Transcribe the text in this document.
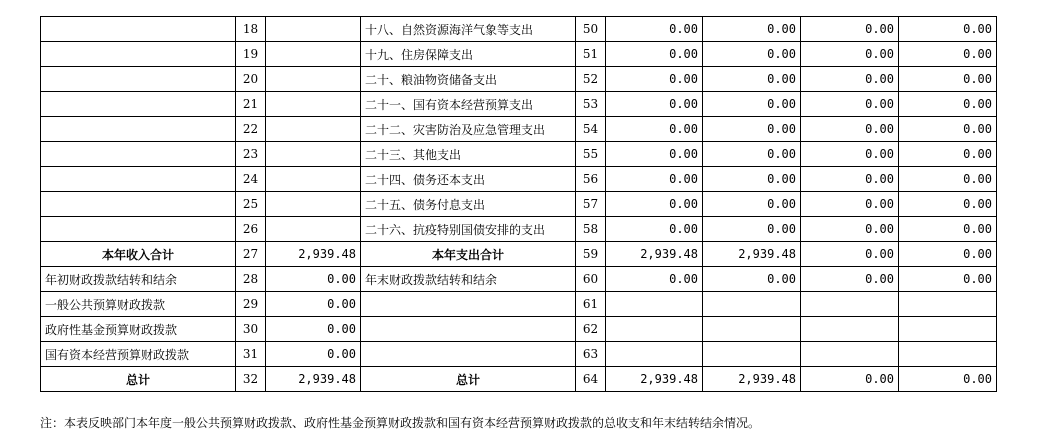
	18		十八、自然资源海洋气象等支出	50	0.00	0.00	0.00	0.00
	19		十九、住房保障支出	51	0.00	0.00	0.00	0.00
	20		二十、粮油物资储备支出	52	0.00	0.00	0.00	0.00
	21		二十一、国有资本经营预算支出	53	0.00	0.00	0.00	0.00
	22		二十二、灾害防治及应急管理支出	54	0.00	0.00	0.00	0.00
	23		二十三、其他支出	55	0.00	0.00	0.00	0.00
	24		二十四、债务还本支出	56	0.00	0.00	0.00	0.00
	25		二十五、债务付息支出	57	0.00	0.00	0.00	0.00
	26		二十六、抗疫特别国债安排的支出	58	0.00	0.00	0.00	0.00
本年收入合计	27	2,939.48	本年支出合计	59	2,939.48	2,939.48	0.00	0.00
年初财政拨款结转和结余	28	0.00	年末财政拨款结转和结余	60	0.00	0.00	0.00	0.00
一般公共预算财政拨款	29	0.00		61				
政府性基金预算财政拨款	30	0.00		62				
国有资本经营预算财政拨款	31	0.00		63				
总计	32	2,939.48	总计	64	2,939.48	2,939.48	0.00	0.00
注：本表反映部门本年度一般公共预算财政拨款、政府性基金预算财政拨款和国有资本经营预算财政拨款的总收支和年末结转结余情况。
